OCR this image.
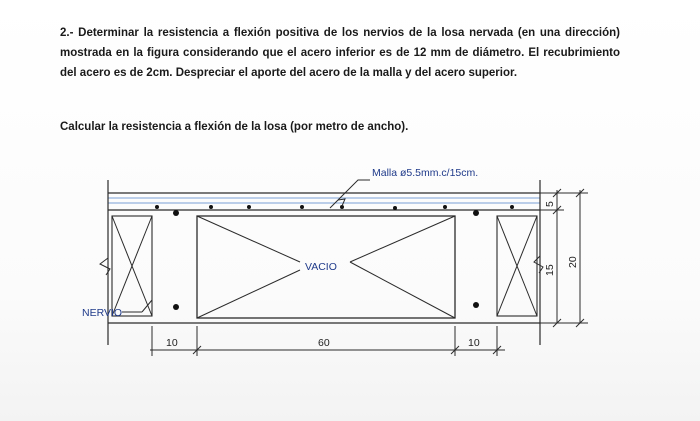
2.- Determinar la resistencia a flexión positiva de los nervios de la losa nervada (en una dirección) mostrada en la figura considerando que el acero inferior es de 12 mm de diámetro. El recubrimiento del acero es de 2cm. Despreciar el aporte del acero de la malla y del acero superior.
Calcular la resistencia a flexión de la losa (por metro de ancho).
Malla ø5.5mm.c/15cm.
VACIO
NERVIO
10	60	10
5
15
20
